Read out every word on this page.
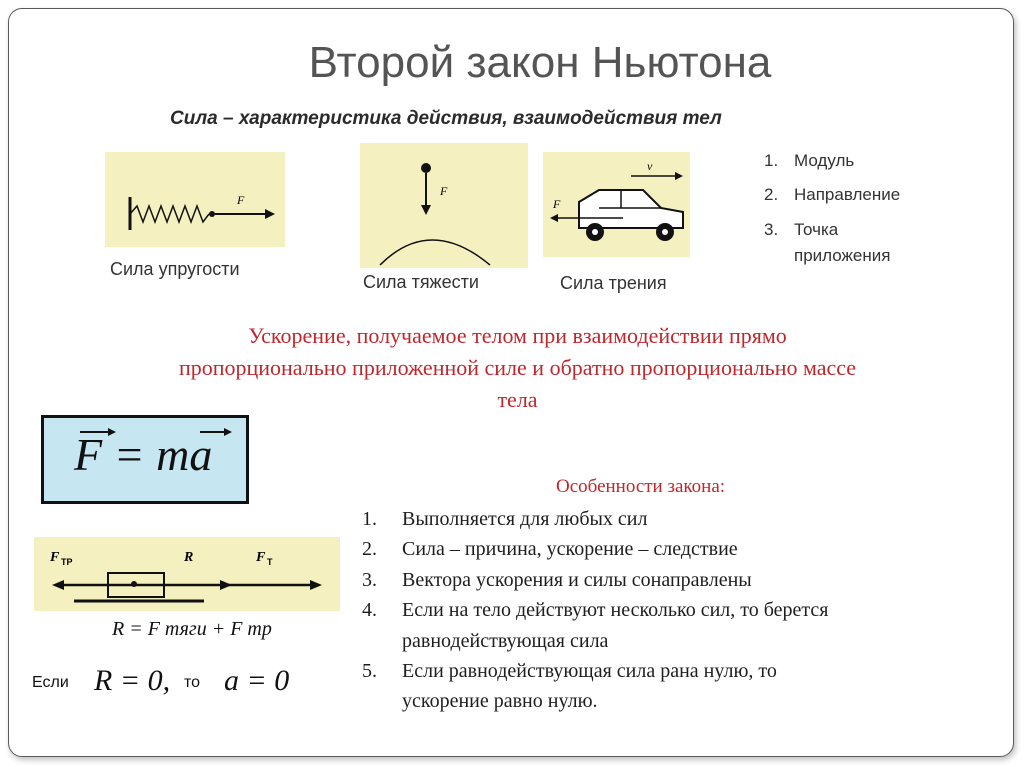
Второй закон Ньютона
Сила – характеристика действия, взаимодействия тел
F
Сила упругости
F
Сила тяжести
v
F
Сила трения
1. Модуль
2. Направление
3. Точка
приложения
Ускорение, получаемое телом при взаимодействии прямо
пропорционально приложенной силе и обратно пропорционально массе
тела
F = ma
Особенности закона:
1. Выполняется для любых сил
2. Сила – причина, ускорение – следствие
3. Вектора ускорения и силы сонаправлены
4. Если на тело действуют несколько сил, то берется
равнодействующая сила
5. Если равнодействующая сила рана нулю, то
ускорение равно нулю.
F ТР	R	F Т
R = F тяги + F тр
Если R = 0, то a = 0
